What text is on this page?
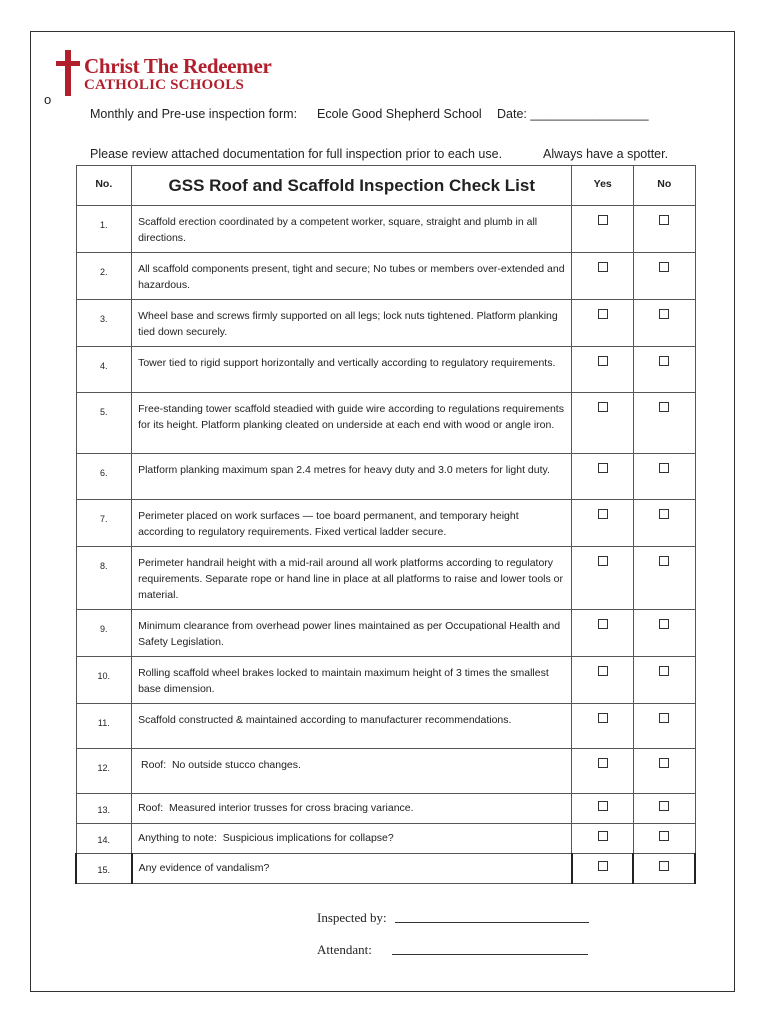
Christ The Redeemer
CATHOLIC SCHOOLS
o
Monthly and Pre-use inspection form: Ecole Good Shepherd School Date: _________________
Please review attached documentation for full inspection prior to each use.	Always have a spotter.
No.	GSS Roof and Scaffold Inspection Check List	Yes	No
1.	Scaffold erection coordinated by a competent worker, square, straight and plumb in all directions.		
2.	All scaffold components present, tight and secure; No tubes or members over-extended and hazardous.		
3.	Wheel base and screws firmly supported on all legs; lock nuts tightened. Platform planking tied down securely.		
4.	Tower tied to rigid support horizontally and vertically according to regulatory requirements.		
5.	Free-standing tower scaffold steadied with guide wire according to regulations requirements for its height. Platform planking cleated on underside at each end with wood or angle iron.		
6.	Platform planking maximum span 2.4 metres for heavy duty and 3.0 meters for light duty.		
7.	Perimeter placed on work surfaces — toe board permanent, and temporary height according to regulatory requirements. Fixed vertical ladder secure.		
8.	Perimeter handrail height with a mid-rail around all work platforms according to regulatory requirements. Separate rope or hand line in place at all platforms to raise and lower tools or material.		
9.	Minimum clearance from overhead power lines maintained as per Occupational Health and Safety Legislation.		
10.	Rolling scaffold wheel brakes locked to maintain maximum height of 3 times the smallest base dimension.		
11.	Scaffold constructed & maintained according to manufacturer recommendations.		
12.	Roof:  No outside stucco changes.		
13.	Roof:  Measured interior trusses for cross bracing variance.		
14.	Anything to note:  Suspicious implications for collapse?		
15.	Any evidence of vandalism?		
Inspected by:
Attendant:
